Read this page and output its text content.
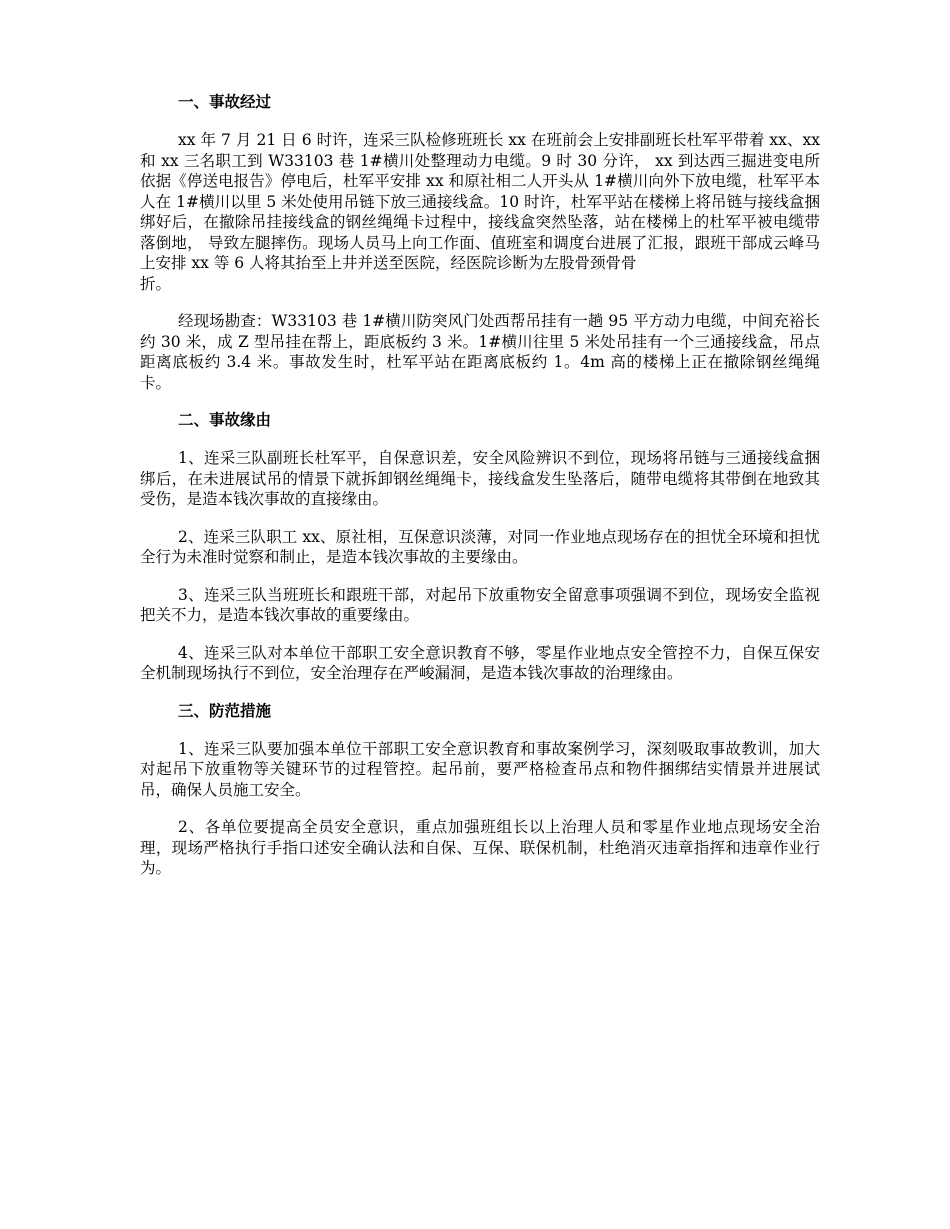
一、事故经过
xx 年 7 月 21 日 6 时许，连采三队检修班班长 xx 在班前会上安排副班长杜军平带着 xx、xx 和 xx 三名职工到 W33103 巷 1#横川处整理动力电缆。9 时 30 分许， xx 到达西三掘进变电所依据《停送电报告》停电后，杜军平安排 xx 和原社相二人开头从 1#横川向外下放电缆，杜军平本人在 1#横川以里 5 米处使用吊链下放三通接线盒。10 时许，杜军平站在楼梯上将吊链与接线盒捆绑好后，在撤除吊挂接线盒的钢丝绳绳卡过程中，接线盒突然坠落，站在楼梯上的杜军平被电缆带落倒地， 导致左腿摔伤。现场人员马上向工作面、值班室和调度台进展了汇报，跟班干部成云峰马上安排 xx 等 6 人将其抬至上井并送至医院，经医院诊断为左股骨颈骨骨
折。
经现场勘查：W33103 巷 1#横川防突风门处西帮吊挂有一趟 95 平方动力电缆，中间充裕长约 30 米，成 Z 型吊挂在帮上，距底板约 3 米。1#横川往里 5 米处吊挂有一个三通接线盒，吊点距离底板约 3.4 米。事故发生时，杜军平站在距离底板约 1。4m 高的楼梯上正在撤除钢丝绳绳卡。
二、事故缘由
1、连采三队副班长杜军平，自保意识差，安全风险辨识不到位，现场将吊链与三通接线盒捆绑后，在未进展试吊的情景下就拆卸钢丝绳绳卡，接线盒发生坠落后，随带电缆将其带倒在地致其受伤，是造本钱次事故的直接缘由。
2、连采三队职工 xx、原社相，互保意识淡薄，对同一作业地点现场存在的担忧全环境和担忧全行为未准时觉察和制止，是造本钱次事故的主要缘由。
3、连采三队当班班长和跟班干部，对起吊下放重物安全留意事项强调不到位，现场安全监视把关不力，是造本钱次事故的重要缘由。
4、连采三队对本单位干部职工安全意识教育不够，零星作业地点安全管控不力，自保互保安全机制现场执行不到位，安全治理存在严峻漏洞，是造本钱次事故的治理缘由。
三、防范措施
1、连采三队要加强本单位干部职工安全意识教育和事故案例学习，深刻吸取事故教训，加大对起吊下放重物等关键环节的过程管控。起吊前，要严格检查吊点和物件捆绑结实情景并进展试吊，确保人员施工安全。
2、各单位要提高全员安全意识，重点加强班组长以上治理人员和零星作业地点现场安全治理，现场严格执行手指口述安全确认法和自保、互保、联保机制，杜绝消灭违章指挥和违章作业行为。
